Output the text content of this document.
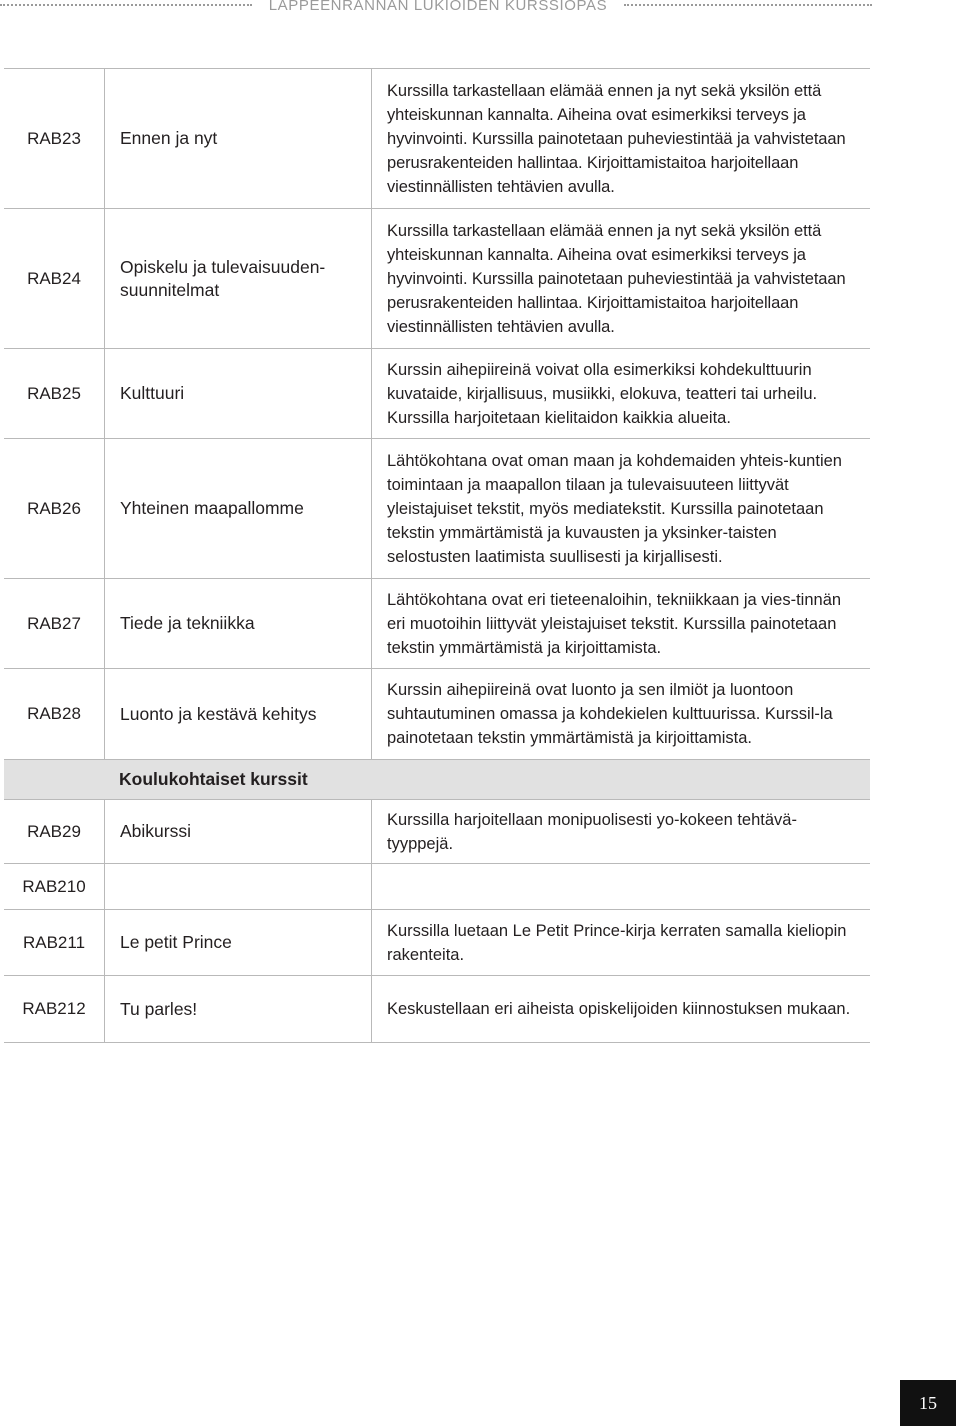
LAPPEENRANNAN LUKIOIDEN KURSSIOPAS
RAB23	Ennen ja nyt
Kurssilla tarkastellaan elämää ennen ja nyt sekä yksilön että yhteiskunnan kannalta. Aiheina ovat esimerkiksi terveys ja hyvinvointi. Kurssilla painotetaan puheviestintää ja vahvistetaan perusrakenteiden hallintaa. Kirjoittamistaitoa harjoitellaan viestinnällisten tehtävien avulla.
RAB24
Opiskelu ja tulevaisuuden-suunnitelmat
Kurssilla tarkastellaan elämää ennen ja nyt sekä yksilön että yhteiskunnan kannalta. Aiheina ovat esimerkiksi terveys ja hyvinvointi. Kurssilla painotetaan puheviestintää ja vahvistetaan perusrakenteiden hallintaa. Kirjoittamistaitoa harjoitellaan viestinnällisten tehtävien avulla.
RAB25	Kulttuuri
Kurssin aihepiireinä voivat olla esimerkiksi kohdekulttuurin kuvataide, kirjallisuus, musiikki, elokuva, teatteri tai urheilu. Kurssilla harjoitetaan kielitaidon kaikkia alueita.
RAB26	Yhteinen maapallomme
Lähtökohtana ovat oman maan ja kohdemaiden yhteis-kuntien toimintaan ja maapallon tilaan ja tulevaisuuteen liittyvät yleistajuiset tekstit, myös mediatekstit. Kurssilla painotetaan tekstin ymmärtämistä ja kuvausten ja yksinker-taisten selostusten laatimista suullisesti ja kirjallisesti.
RAB27	Tiede ja tekniikka
Lähtökohtana ovat eri tieteenaloihin, tekniikkaan ja vies-tinnän eri muotoihin liittyvät yleistajuiset tekstit. Kurssilla painotetaan tekstin ymmärtämistä ja kirjoittamista.
RAB28	Luonto ja kestävä kehitys
Kurssin aihepiireinä ovat luonto ja sen ilmiöt ja luontoon suhtautuminen omassa ja kohdekielen kulttuurissa. Kurssil-la painotetaan tekstin ymmärtämistä ja kirjoittamista.
Koulukohtaiset kurssit
RAB29	Abikurssi
Kurssilla harjoitellaan monipuolisesti yo-kokeen tehtävä-tyyppejä.
RAB210
RAB211	Le petit Prince
Kurssilla luetaan Le Petit Prince-kirja kerraten samalla kieliopin rakenteita.
RAB212	Tu parles!	Keskustellaan eri aiheista opiskelijoiden kiinnostuksen mukaan.
15
